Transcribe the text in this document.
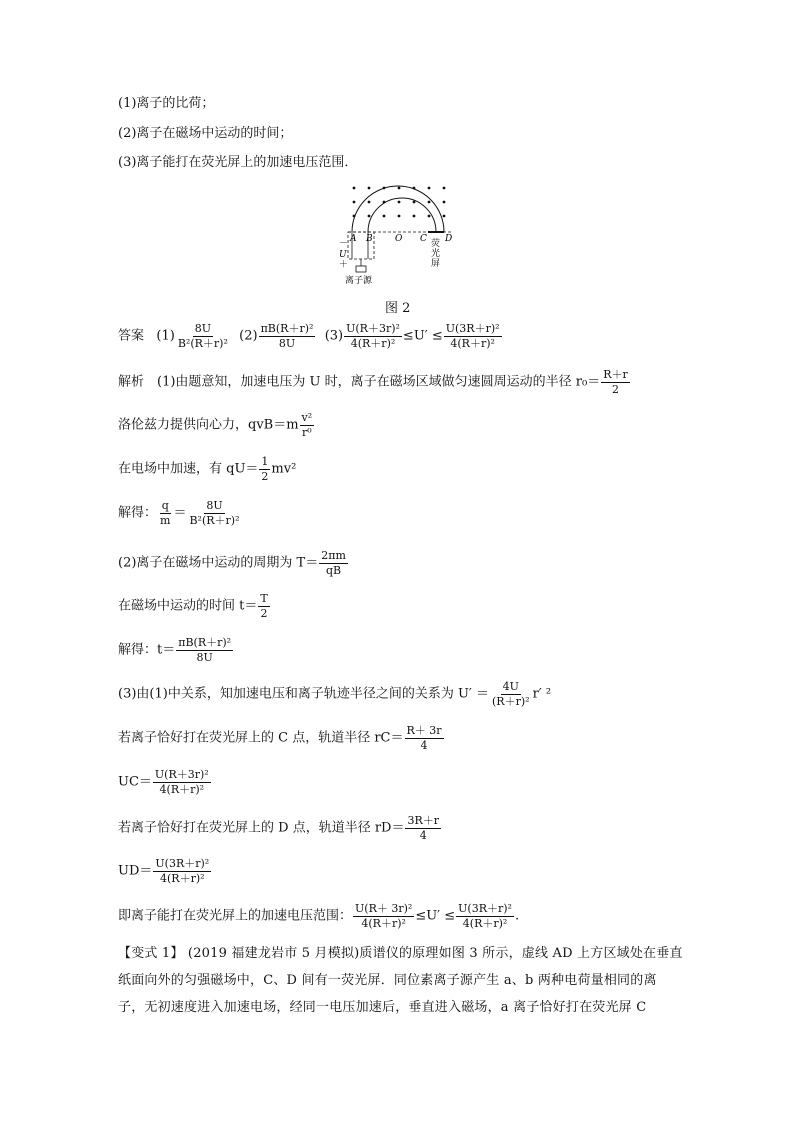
(1)离子的比荷；
(2)离子在磁场中运动的时间；
(3)离子能打在荧光屏上的加速电压范围．
A B O C D
－
U
＋
荧
光
屏
离子源
图 2
答案 $(1) \frac{8U}{\text{B²(R＋r)²}} (2) \frac{\text{πB(R＋r)²}}{8U} (3) \frac{\text{U(R＋3r)²}}{\text{4(R＋r)²}} \le U' \le \frac{\text{U(3R＋r)²}}{\text{4(R＋r)²}}$
解析　(1)由题意知，加速电压为 U 时，离子在磁场区域做匀速圆周运动的半径 $r_0= \frac{R+r}{2}$
洛伦兹力提供向心力，$qvB=m \frac{\text{v²}}{\text{r⁰}}$
在电场中加速，有 $qU= \frac{1}{2} mv^2$
解得： $\frac{q}{m} = \frac{8U}{\text{B²(R＋r)²}}$
(2)离子在磁场中运动的周期为 $T= \frac{2\pi m}{qB}$
在磁场中运动的时间 $t= \frac{T}{2}$
解得：$t= \frac{\text{πB(R＋r)²}}{8U}$
(3)由(1)中关系，知加速电压和离子轨迹半径之间的关系为 $U' = \frac{4U}{\text{(R＋r)²}} r'$ ²
若离子恰好打在荧光屏上的 C 点，轨道半径 $rC= \frac{R+ 3r}{4}$
$UC= \frac{\text{U(R＋3r)²}}{\text{4(R＋r)²}}$
若离子恰好打在荧光屏上的 D 点，轨道半径 $rD= \frac{3R+r}{4}$
$UD= \frac{\text{U(3R＋r)²}}{\text{4(R＋r)²}}$
即离子能打在荧光屏上的加速电压范围： $\frac{\text{U(R＋ 3r)²}}{\text{4(R＋r)²}} \le U' \le \frac{\text{U(3R＋r)²}}{\text{4(R＋r)²}}$ .
【变式 1】 (2019 福建龙岩市 5 月模拟)质谱仪的原理如图 3 所示，虚线 AD 上方区域处在垂直纸面向外的匀强磁场中，C、D 间有一荧光屏．同位素离子源产生 a、b 两种电荷量相同的离子，无初速度进入加速电场，经同一电压加速后，垂直进入磁场，a 离子恰好打在荧光屏 C
